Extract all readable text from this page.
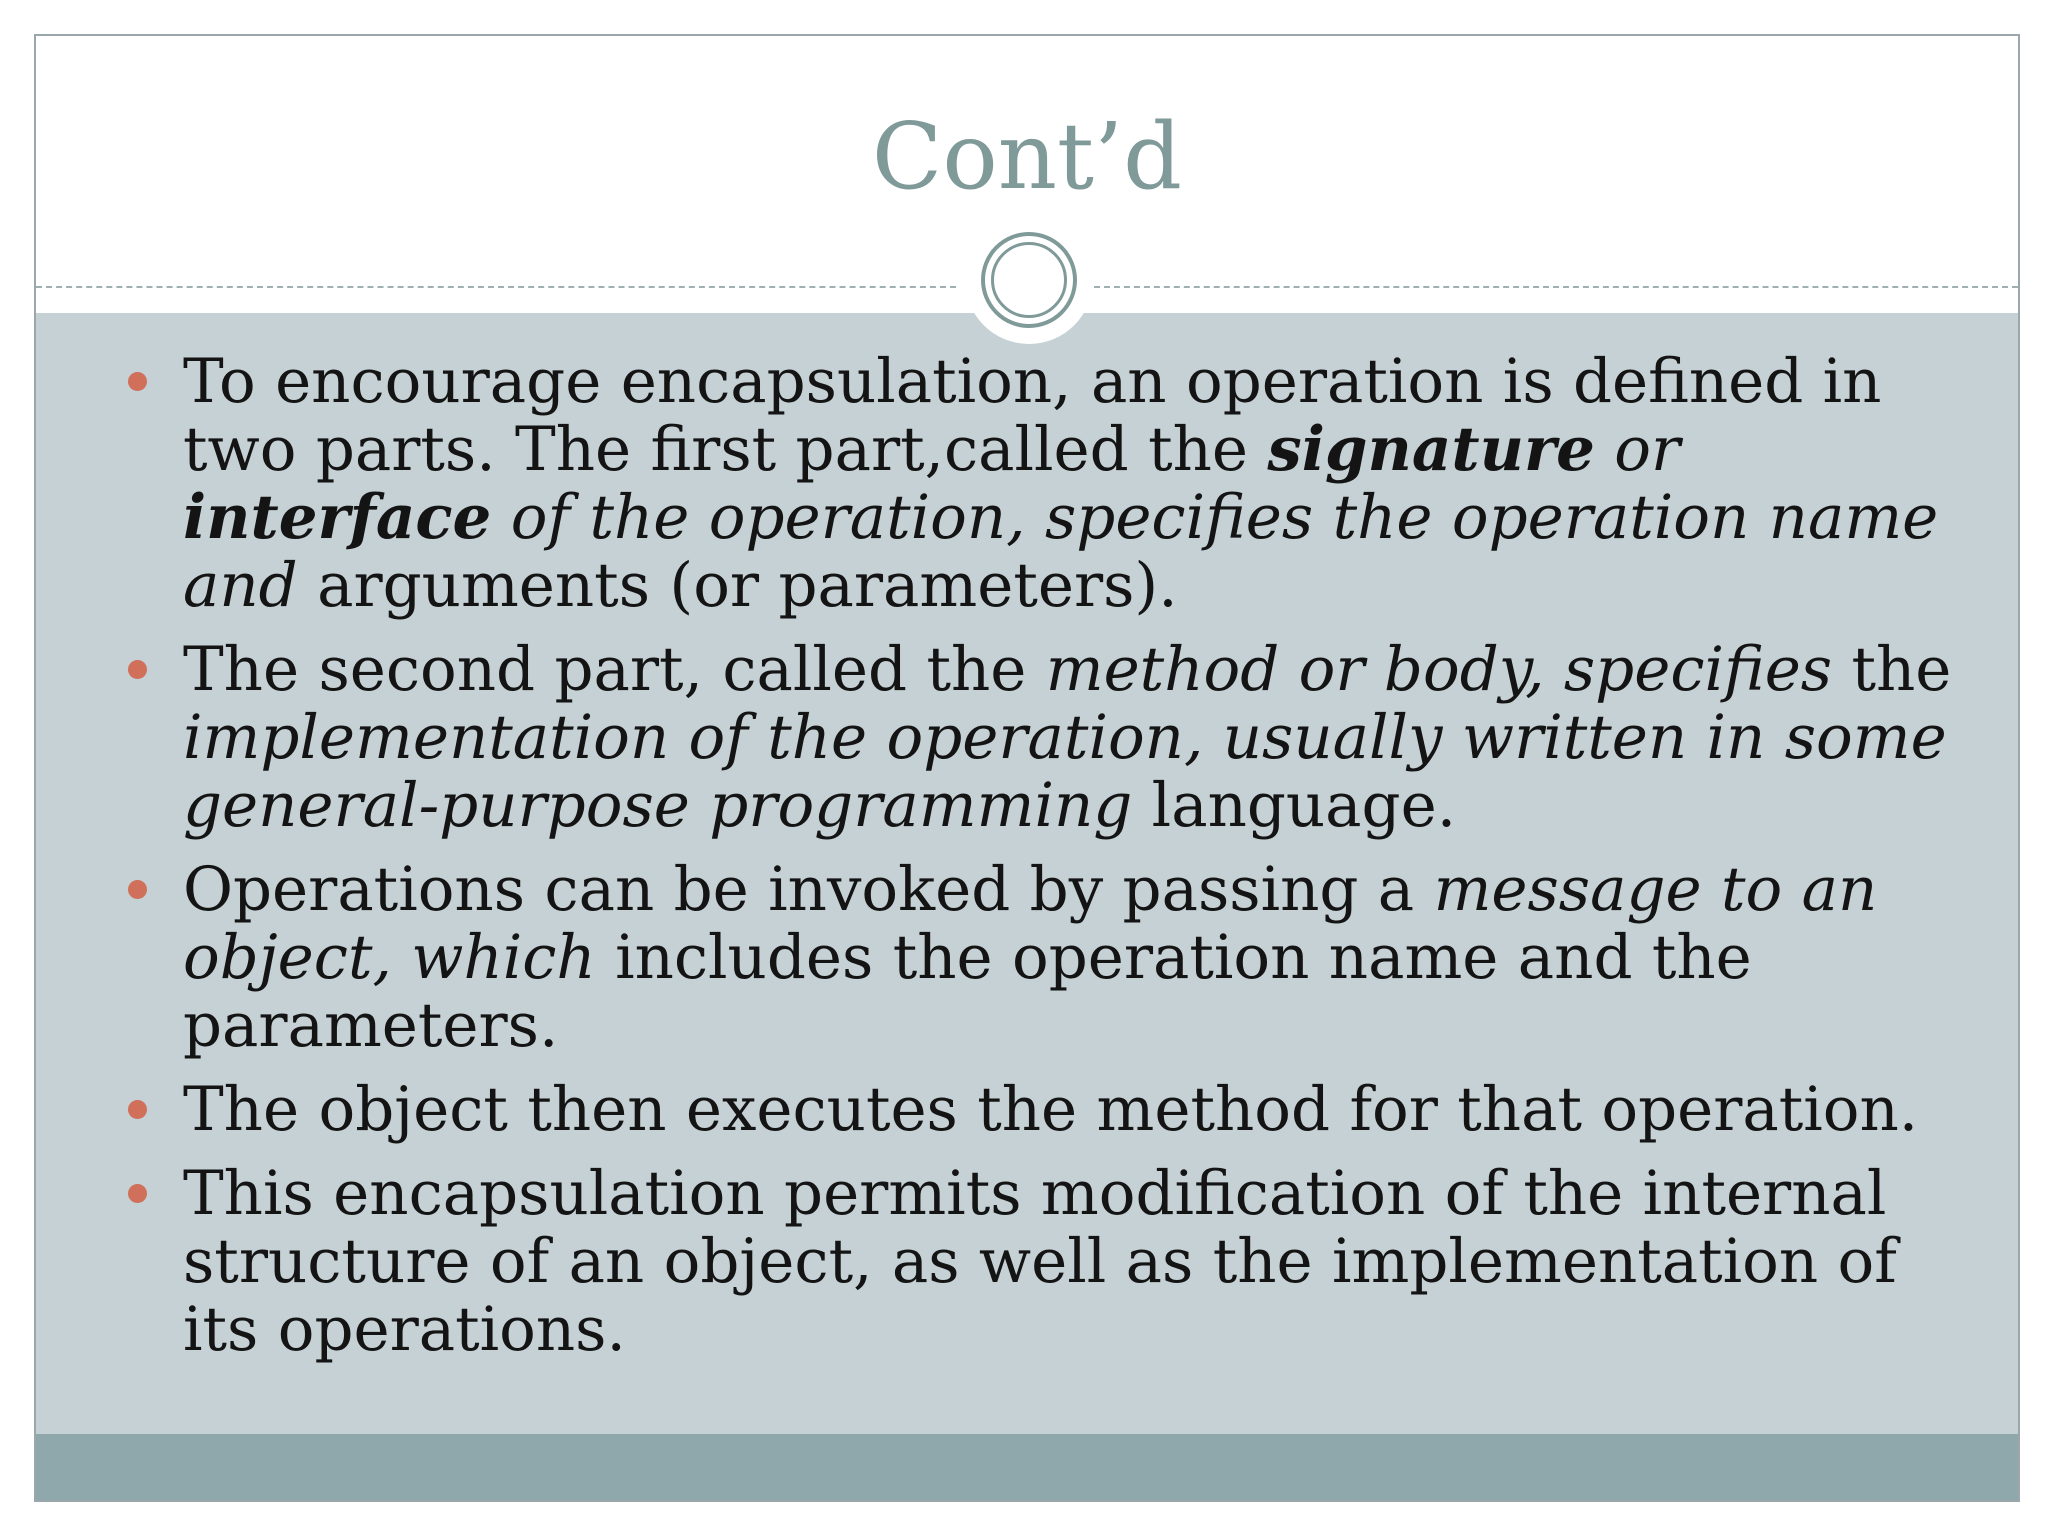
Cont’d
To encourage encapsulation, an operation is defined in two parts. The first part,called the signature or interface of the operation, specifies the operation name and arguments (or parameters).
The second part, called the method or body, specifies the implementation of the operation, usually written in some general-purpose programming language.
Operations can be invoked by passing a message to an object, which includes the operation name and the parameters.
The object then executes the method for that operation.
This encapsulation permits modification of the internal structure of an object, as well as the implementation of its operations.
